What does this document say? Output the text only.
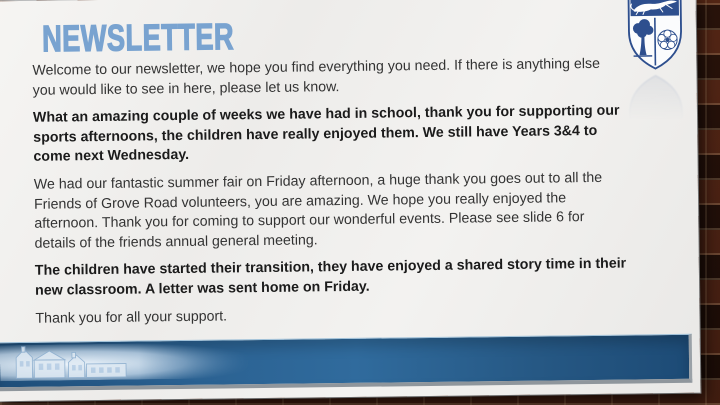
NEWSLETTER

Welcome to our newsletter, we hope you find everything you need. If there is anything else
you would like to see in here, please let us know.

What an amazing couple of weeks we have had in school, thank you for supporting our
sports afternoons, the children have really enjoyed them. We still have Years 3&4 to
come next Wednesday.

We had our fantastic summer fair on Friday afternoon, a huge thank you goes out to all the
Friends of Grove Road volunteers, you are amazing. We hope you really enjoyed the
afternoon. Thank you for coming to support our wonderful events. Please see slide 6 for
details of the friends annual general meeting.

The children have started their transition, they have enjoyed a shared story time in their
new classroom. A letter was sent home on Friday.

Thank you for all your support.
